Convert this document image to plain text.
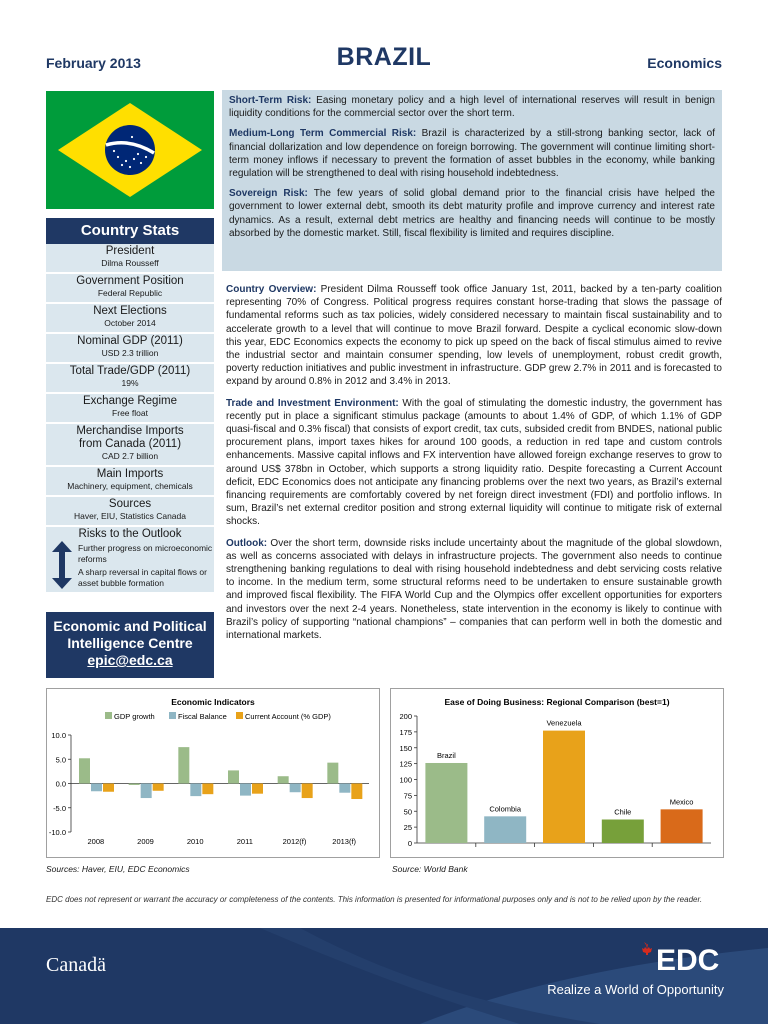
February 2013	BRAZIL	Economics
Country Stats
President
Dilma Rousseff
Government Position
Federal Republic
Next Elections
October 2014
Nominal GDP (2011)
USD 2.3 trillion
Total Trade/GDP (2011)
19%
Exchange Regime
Free float
Merchandise Imports from Canada (2011)
CAD 2.7 billion
Main Imports
Machinery, equipment, chemicals
Sources
Haver, EIU, Statistics Canada
Risks to the Outlook
Further progress on microeconomic reforms
A sharp reversal in capital flows or asset bubble formation
Economic and Political
Intelligence Centre
epic@edc.ca

Short-Term Risk: Easing monetary policy and a high level of international reserves will result in benign liquidity conditions for the commercial sector over the short term.

Medium-Long Term Commercial Risk: Brazil is characterized by a still-strong banking sector, lack of financial dollarization and low dependence on foreign borrowing. The government will continue limiting short-term money inflows if necessary to prevent the formation of asset bubbles in the economy, while banking regulation will be strengthened to deal with rising household indebtedness.

Sovereign Risk: The few years of solid global demand prior to the financial crisis have helped the government to lower external debt, smooth its debt maturity profile and improve currency and interest rate dynamics. As a result, external debt metrics are healthy and financing needs will continue to be mostly absorbed by the domestic market. Still, fiscal flexibility is limited and requires discipline.

Country Overview: President Dilma Rousseff took office January 1st, 2011, backed by a ten-party coalition representing 70% of Congress. Political progress requires constant horse-trading that slows the passage of fundamental reforms such as tax policies, widely considered necessary to maintain fiscal sustainability and to accelerate growth to a level that will continue to move Brazil forward. Despite a cyclical economic slow-down this year, EDC Economics expects the economy to pick up speed on the back of fiscal stimulus aimed to revive the industrial sector and maintain consumer spending, low levels of unemployment, robust credit growth, poverty reduction initiatives and public investment in infrastructure. GDP grew 2.7% in 2011 and is forecasted to expand by around 0.8% in 2012 and 3.4% in 2013.

Trade and Investment Environment: With the goal of stimulating the domestic industry, the government has recently put in place a significant stimulus package (amounts to about 1.4% of GDP, of which 1.1% of GDP quasi-fiscal and 0.3% fiscal) that consists of export credit, tax cuts, subsided credit from BNDES, national public procurement plans, import taxes hikes for around 100 goods, a reduction in red tape and custom controls enhancements. Massive capital inflows and FX intervention have allowed foreign exchange reserves to grow to around US$ 378bn in October, which supports a strong liquidity ratio. Despite forecasting a Current Account deficit, EDC Economics does not anticipate any financing problems over the next two years, as Brazil’s external financing requirements are comfortably covered by net foreign direct investment (FDI) and portfolio inflows. In sum, Brazil’s net external creditor position and strong external liquidity will continue to mitigate risk of external shocks.

Outlook: Over the short term, downside risks include uncertainty about the magnitude of the global slowdown, as well as concerns associated with delays in infrastructure projects. The government also needs to continue strengthening banking regulations to deal with rising household indebtedness and debt servicing costs relative to income. In the medium term, some structural reforms need to be undertaken to ensure sustainable growth and improved fiscal flexibility. The FIFA World Cup and the Olympics offer excellent opportunities for exporters and investors over the next 2-4 years. Nonetheless, state intervention in the economy is likely to continue with Brazil’s policy of supporting “national champions” – companies that can perform well in both the domestic and international markets.

Economic Indicators
GDP growth	Fiscal Balance Current Account (% GDP)
10.0
5.0
0.0
-5.0
-10.0
2008	2009	2010	2011	2012(f)	2013(f)
Sources: Haver, EIU, EDC Economics
Ease of Doing Business: Regional Comparison (best=1)
200
175
150
125
100
75
50
25
0
Brazil
Colombia
Venezuela
Chile
Mexico
Source: World Bank
EDC does not represent or warrant the accuracy or completeness of the contents. This information is presented for informational purposes only and is not to be relied upon by the reader.
Canadä	EDC
Realize a World of Opportunity
